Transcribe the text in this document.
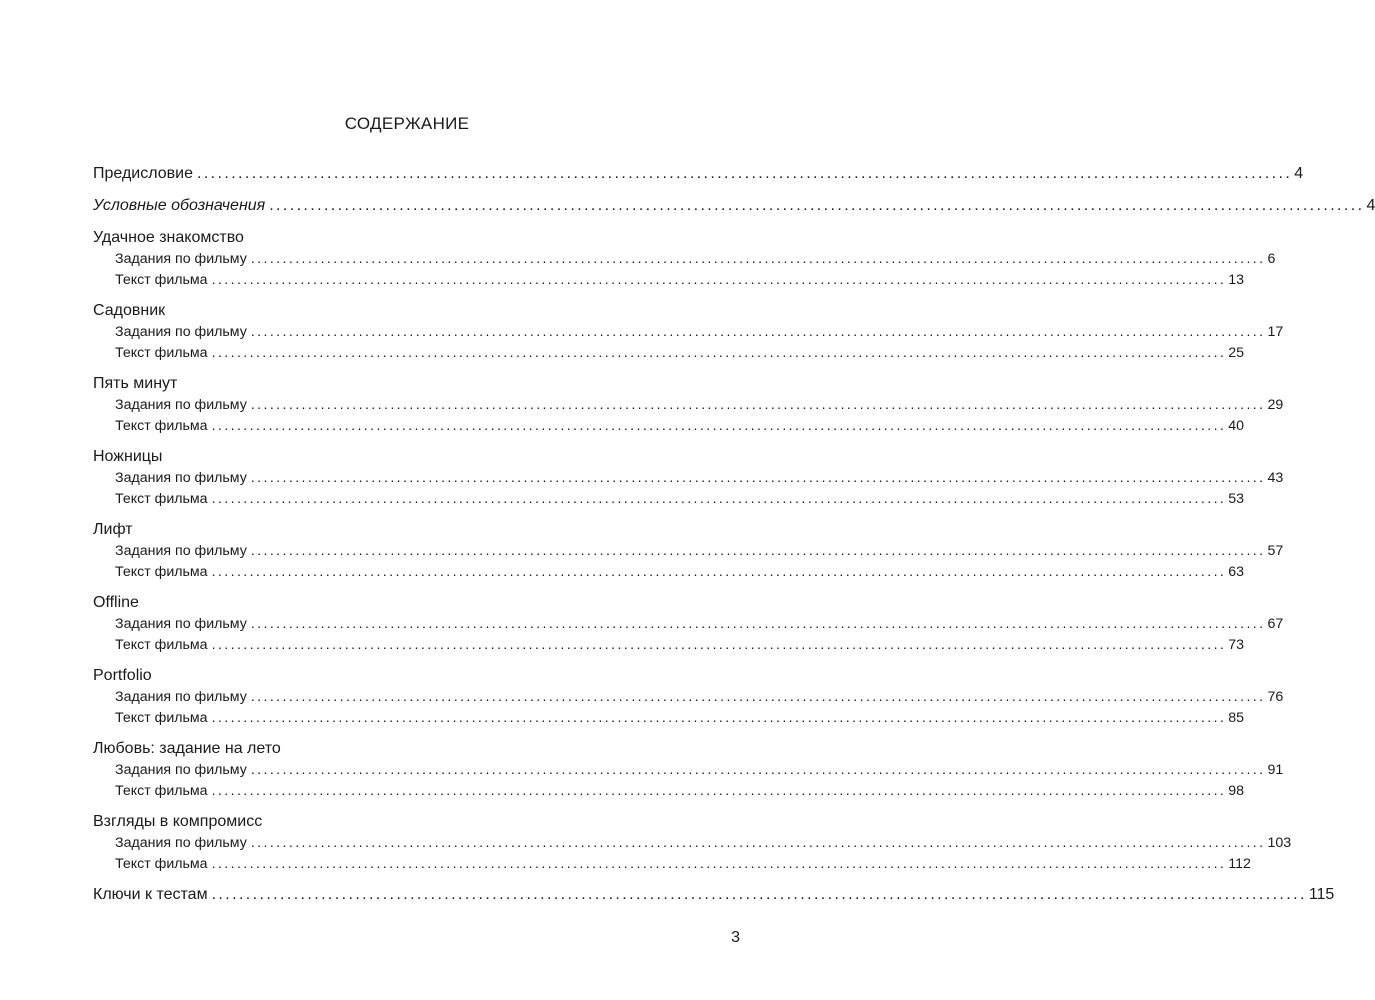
СОДЕРЖАНИЕ
Предисловие ................................................................................................................................................................ 4
Условные обозначения ................................................................................................................................................................ 4
Удачное знакомство
Задания по фильму ................................................................................................................................................................ 6
Текст фильма ................................................................................................................................................................ 13
Садовник
Задания по фильму ................................................................................................................................................................ 17
Текст фильма ................................................................................................................................................................ 25
Пять минут
Задания по фильму ................................................................................................................................................................ 29
Текст фильма ................................................................................................................................................................ 40
Ножницы
Задания по фильму ................................................................................................................................................................ 43
Текст фильма ................................................................................................................................................................ 53
Лифт
Задания по фильму ................................................................................................................................................................ 57
Текст фильма ................................................................................................................................................................ 63
Offline
Задания по фильму ................................................................................................................................................................ 67
Текст фильма ................................................................................................................................................................ 73
Portfolio
Задания по фильму ................................................................................................................................................................ 76
Текст фильма ................................................................................................................................................................ 85
Любовь: задание на лето
Задания по фильму ................................................................................................................................................................ 91
Текст фильма ................................................................................................................................................................ 98
Взгляды в компромисс
Задания по фильму ................................................................................................................................................................ 103
Текст фильма ................................................................................................................................................................ 112
Ключи к тестам ................................................................................................................................................................ 115
3
